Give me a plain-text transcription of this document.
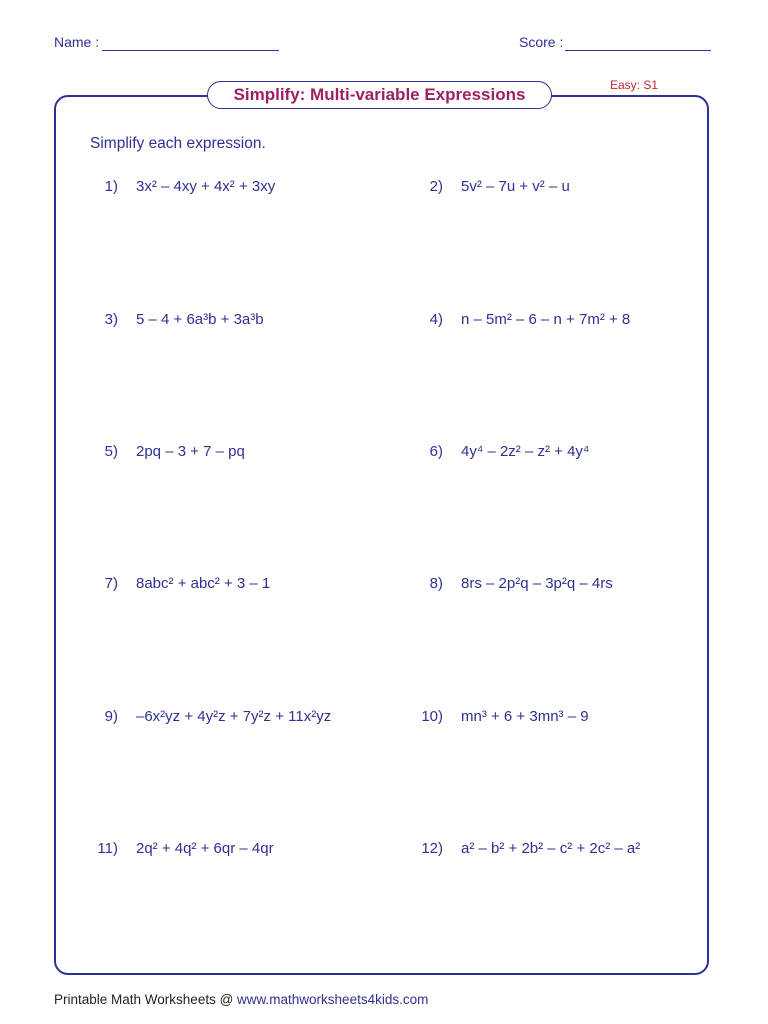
Name :	Score :
Simplify: Multi-variable Expressions	Easy: S1
Simplify each expression.
1) 3x² – 4xy + 4x² + 3xy	2) 5v² – 7u + v² – u
3) 5 – 4 + 6a³b + 3a³b	4) n – 5m² – 6 – n + 7m² + 8
5) 2pq – 3 + 7 – pq	6) 4y⁴ – 2z² – z² + 4y⁴
7) 8abc² + abc² + 3 – 1	8) 8rs – 2p²q – 3p²q – 4rs
9) –6x²yz + 4y²z + 7y²z + 11x²yz	10) mn³ + 6 + 3mn³ – 9
11) 2q² + 4q² + 6qr – 4qr	12) a² – b² + 2b² – c² + 2c² – a²
Printable Math Worksheets @ www.mathworksheets4kids.com
